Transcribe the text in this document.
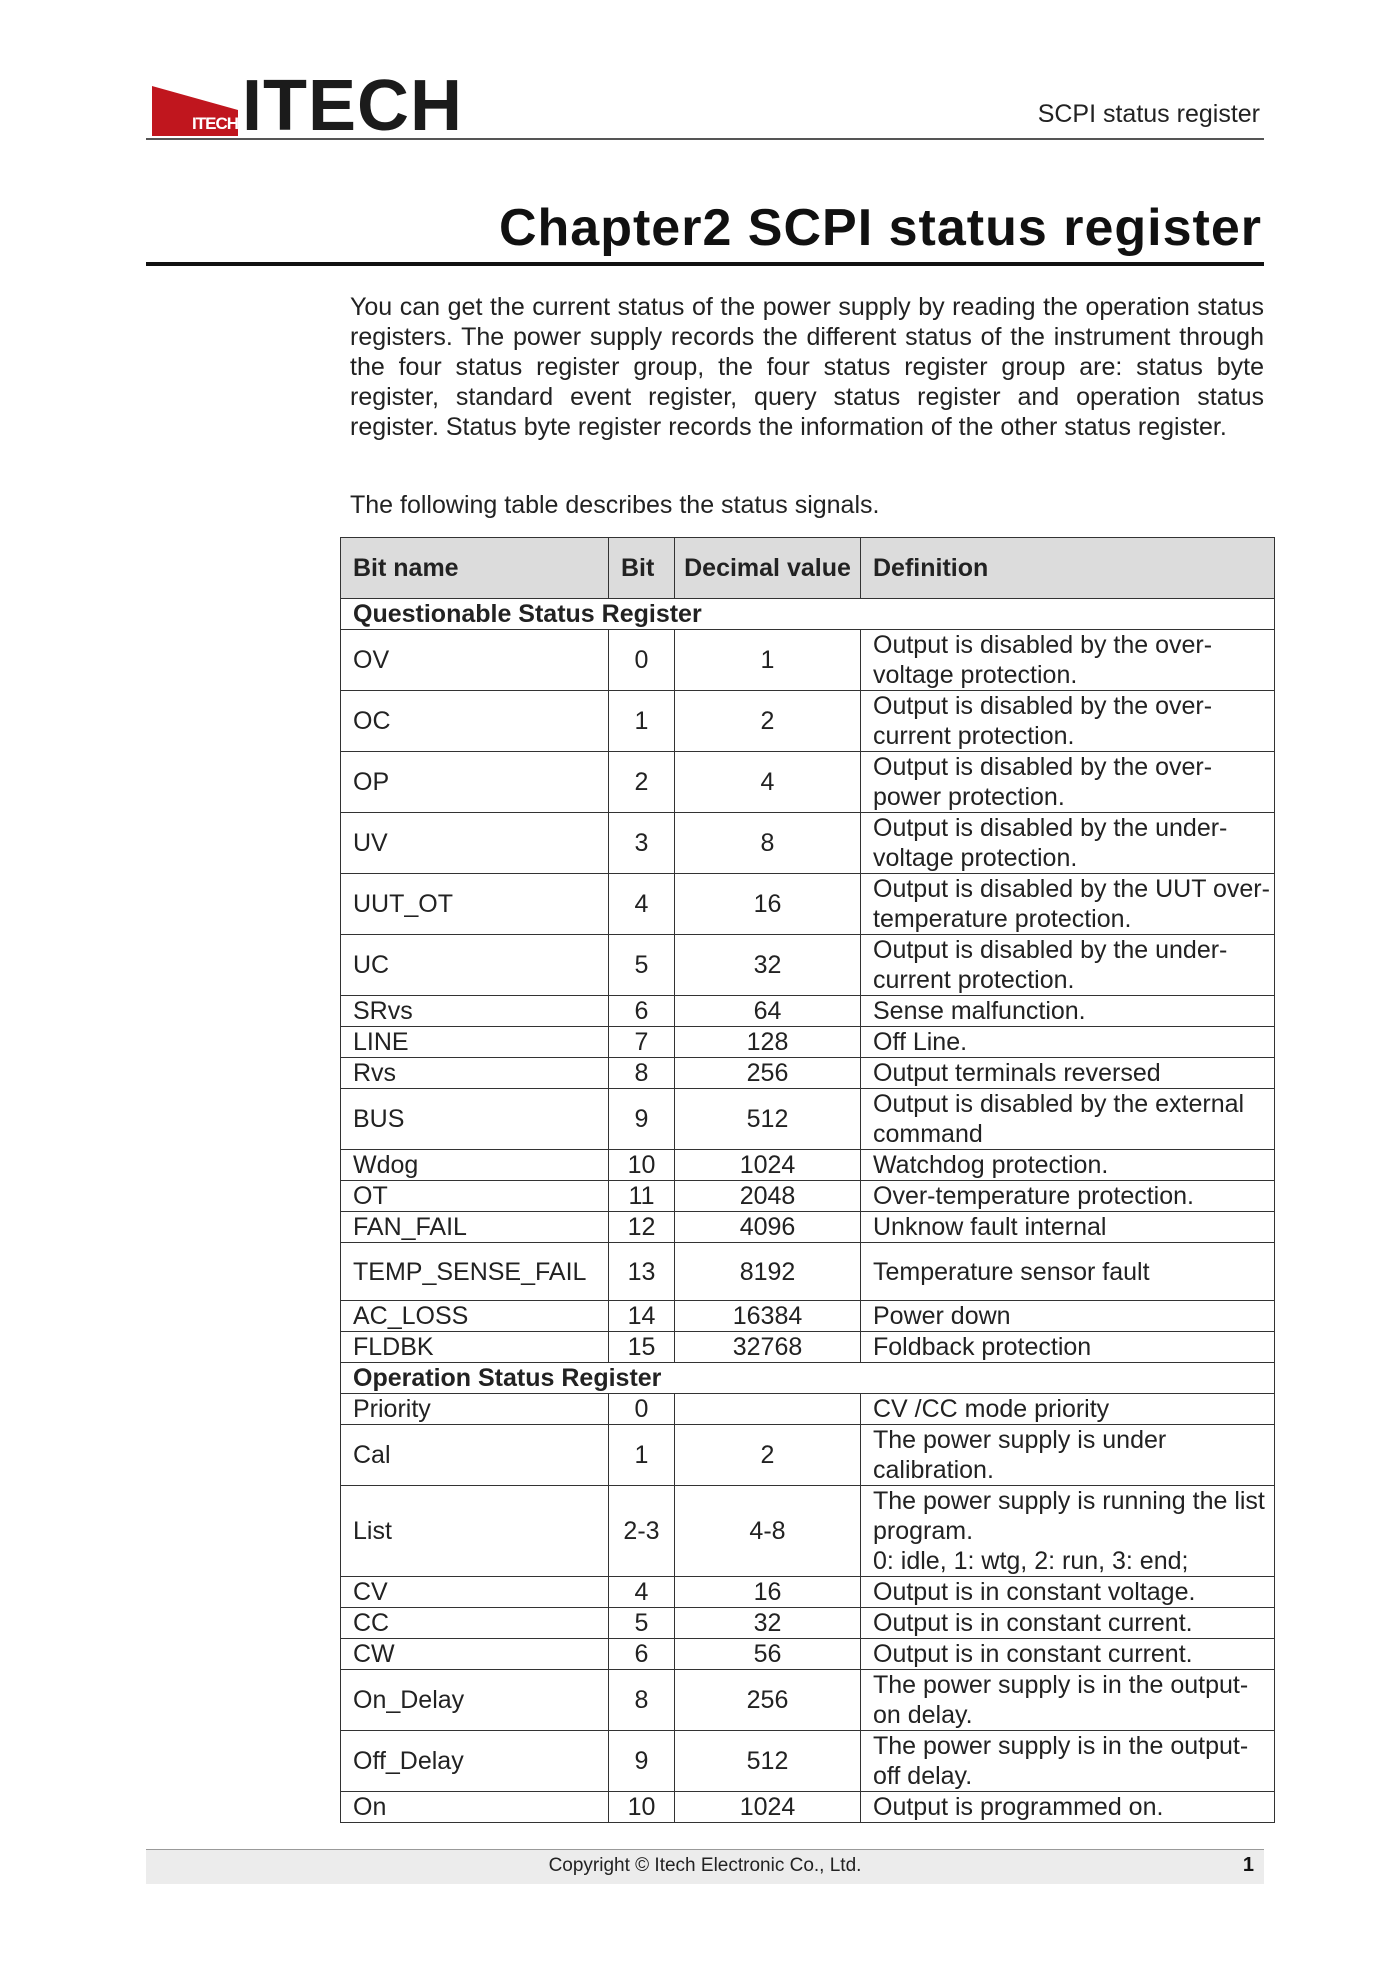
ITECH ITECH	SCPI status register
Chapter2 SCPI status register

You can get the current status of the power supply by reading the operation status registers. The power supply records the different status of the instrument through the four status register group, the four status register group are: status byte register, standard event register, query status register and operation status register. Status byte register records the information of the other status register.

The following table describes the status signals.

Bit name	Bit	Decimal value	Definition
Questionable Status Register			
OV	0	1	Output is disabled by the over-voltage protection.

OC	1	2	Output is disabled by the over-current protection.

OP	2	4	Output is disabled by the over-power protection.

UV	3	8	Output is disabled by the under-voltage protection.

UUT_OT	4	16	Output is disabled by the UUT over-temperature protection.

UC	5	32	Output is disabled by the under-current protection.

SRvs	6	64	Sense malfunction.

LINE	7	128	Off Line.

Rvs	8	256	Output terminals reversed

BUS	9	512	Output is disabled by the external command

Wdog	10	1024	Watchdog protection.

OT	11	2048	Over-temperature protection.

FAN_FAIL	12	4096	Unknow fault internal

TEMP_SENSE_FAIL	13	8192	Temperature sensor fault

AC_LOSS	14	16384	Power down

FLDBK	15	32768	Foldback protection

Operation Status Register			
Priority	0		CV /CC mode priority

Cal	1	2	The power supply is under calibration.

List	2-3	4-8	The power supply is running the list program.
0: idle, 1: wtg, 2: run, 3: end;

CV	4	16	Output is in constant voltage.

CC	5	32	Output is in constant current.

CW	6	56	Output is in constant current.

On_Delay	8	256	The power supply is in the output-on delay.

Off_Delay	9	512	The power supply is in the output-off delay.

On	10	1024	Output is programmed on.
Copyright © Itech Electronic Co., Ltd.	1
